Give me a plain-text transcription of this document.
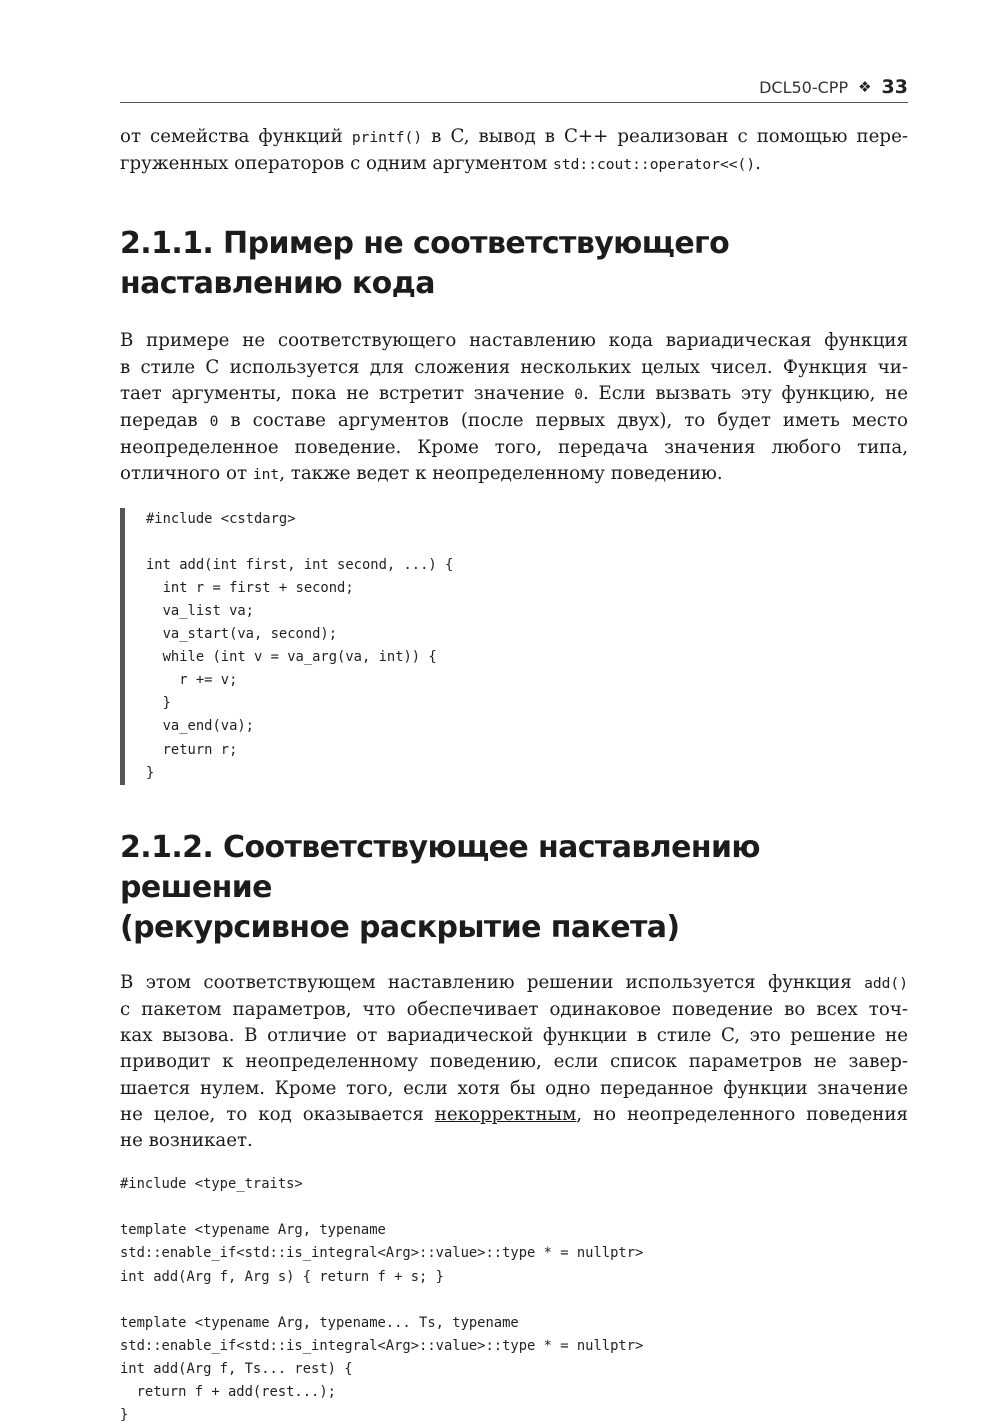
DCL50-CPP ❖ 33

от семейства функций printf() в C, вывод в C++ реализован с помощью пере-
груженных операторов с одним аргументом std::cout::operator<<().

2.1.1. Пример не соответствующего наставлению кода

В примере не соответствующего наставлению кода вариадическая функция
в стиле C используется для сложения нескольких целых чисел. Функция чи-
тает аргументы, пока не встретит значение 0. Если вызвать эту функцию, не
передав 0 в составе аргументов (после первых двух), то будет иметь место
неопределенное поведение. Кроме того, передача значения любого типа,
отличного от int, также ведет к неопределенному поведению.

#include <cstdarg>

int add(int first, int second, ...) {
int r = first + second;
va_list va;
va_start(va, second);
while (int v = va_arg(va, int)) {
r += v;
}
va_end(va);
return r;
}
2.1.2. Соответствующее наставлению решение
(рекурсивное раскрытие пакета)

В этом соответствующем наставлению решении используется функция add()
с пакетом параметров, что обеспечивает одинаковое поведение во всех точ-
ках вызова. В отличие от вариадической функции в стиле C, это решение не
приводит к неопределенному поведению, если список параметров не завер-
шается нулем. Кроме того, если хотя бы одно переданное функции значение
не целое, то код оказывается некорректным, но неопределенного поведения
не возникает.

#include <type_traits>

template <typename Arg, typename
std::enable_if<std::is_integral<Arg>::value>::type * = nullptr>
int add(Arg f, Arg s) { return f + s; }

template <typename Arg, typename... Ts, typename
std::enable_if<std::is_integral<Arg>::value>::type * = nullptr>
int add(Arg f, Ts... rest) {
return f + add(rest...);
}
